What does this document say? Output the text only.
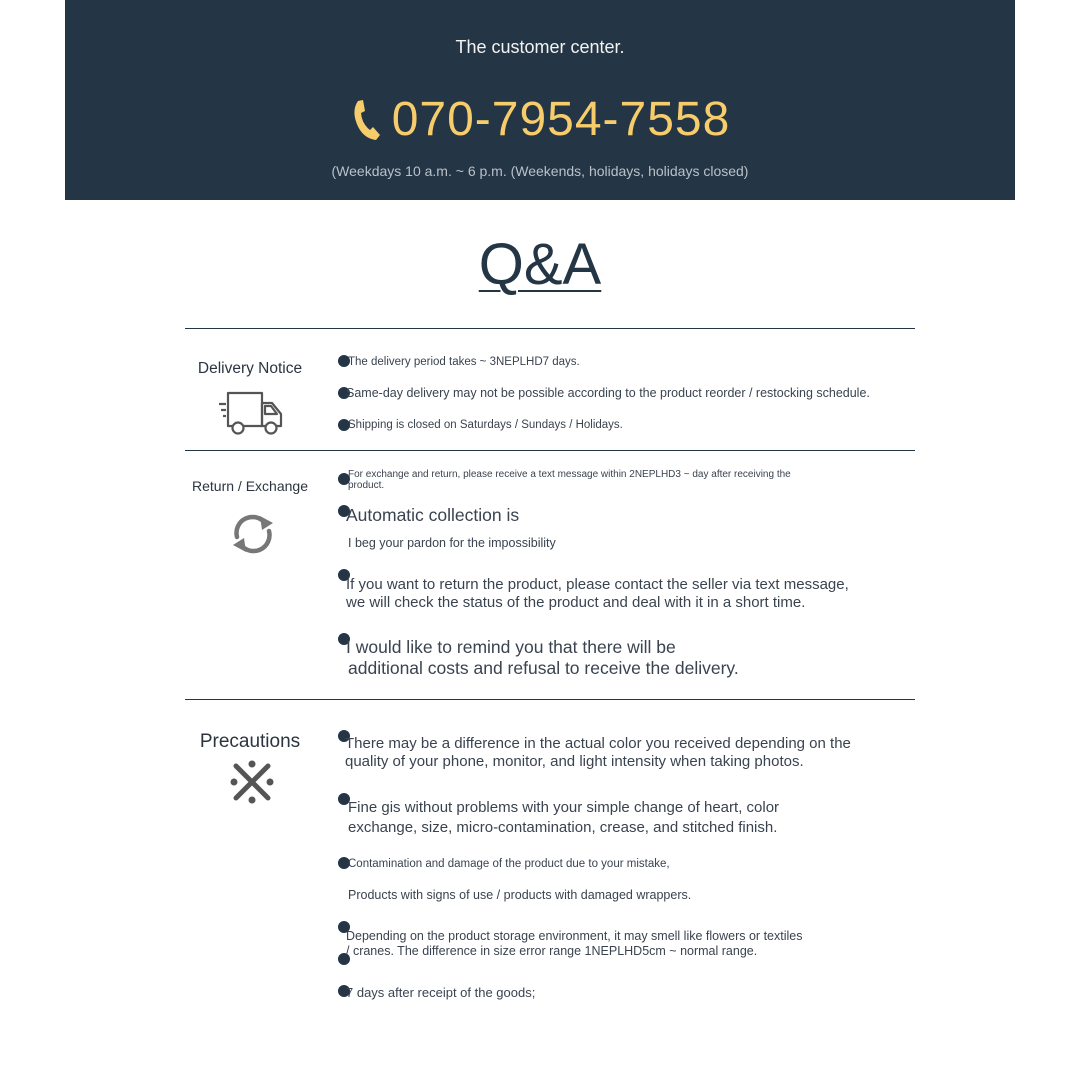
The customer center.
070-7954-7558
(Weekdays 10 a.m. ~ 6 p.m. (Weekends, holidays, holidays closed)
Q&A
Delivery Notice	The delivery period takes ~ 3NEPLHD7 days.
Same-day delivery may not be possible according to the product reorder / restocking schedule.
Shipping is closed on Saturdays / Sundays / Holidays.
Return / Exchange
For exchange and return, please receive a text message within 2NEPLHD3 ~ day after receiving the
product.
Automatic collection is
I beg your pardon for the impossibility
If you want to return the product, please contact the seller via text message,
we will check the status of the product and deal with it in a short time.
I would like to remind you that there will be
additional costs and refusal to receive the delivery.
Precautions	There may be a difference in the actual color you received depending on the
quality of your phone, monitor, and light intensity when taking photos.
Fine gis without problems with your simple change of heart, color
exchange, size, micro-contamination, crease, and stitched finish.
Contamination and damage of the product due to your mistake,
Products with signs of use / products with damaged wrappers.
Depending on the product storage environment, it may smell like flowers or textiles
/ cranes. The difference in size error range 1NEPLHD5cm ~ normal range.
7 days after receipt of the goods;
